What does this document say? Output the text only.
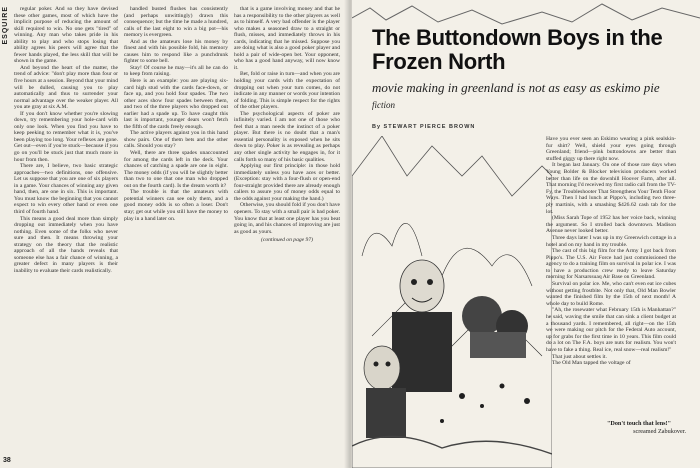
ESQUIRE
38

regular poker. And so they have devised these other games, most of which have the implicit purpose of reducing the amount of skill required to win. No one gets "tired" of winning. Any man who takes pride in his ability to play and who stops losing that ability agrees his peers will agree that the fewer hands played, the less skill that will be shown in the game.

And beyond the heart of the matter, the trend of advice: "don't play more than four or five hours at a session. Beyond that your mind will be dulled, causing you to play automatically and thus to surrender your normal advantage over the weaker player. All you ate gray at six A.M.

If you don't know whether you're slowing down, try remembering your hole-card with only one look. When you find you have to keep peeking to remember what it is, you've been playing too long. Your reflexes are gone. Get out—even if you're stuck—because if you go on you'll be stuck just that much more in hour from then.

There are, I believe, two basic strategic approaches—two definitions, one offensive. Let us suppose that you are one of six players in a game. Your chances of winning any given hand, then, are one in six. This is important. You must know the beginning that you cannot expect to win every other hand or even one third of fourth hand.

This means a good deal more than simply dropping out immediately when you have nothing. Even some of the folks who never sure and then. It means throwing your strategy on the theory that the realistic approach of all the hands reveals that someone else has a fair chance of winning, a greater defect in many players is their inability to evaluate their cards realistically.

handled busted flushes has consistently (and perhaps unwittingly) drawn this consequence; but the time he made a hundred, calls of the last eight to win a big pot—his memory is evergreen.

And as the amateurs lose his money by finest and with his possible fold, his memory causes him to respond like a punchdrunk fighter to some bell.

Stay! Of course he may—it's all he can do to keep from raising.

Here is an example: you are playing six-card high stud with the cards face-down, or face up, and you hold four spades. The two other aces show four spades between them, and two of the three players who dropped out earlier had a spade up. To have caught this last is important, younger dears won't fetch the fifth of the cards freely enough.

The active players against you in this hand show pairs. One of them bets and the other calls. Should you stay?

Well, there are three spades unaccounted for among the cards left in the deck. Your chances of catching a spade are one in eight. The money odds (if you will be slightly better than two to one that one man who dropped out on the fourth card). Is the dream worth it?

The trouble is that the amateurs with potential winners can see only them, and a good money odds is so often a loser. Don't stay; get out while you still have the money to play in a hand later on.

that is a game involving money and that he has a responsibility to the other players as well as to himself. A very bad offender is the player who makes a seasoned draw to a straight or flush, misses, and immediately throws in his cards, indicating that he missed. Suppose you are doing what is also a good poker player and hold a pair of wide-open bet. Your opponent, who has a good hand anyway, will now know it.

Bet, fold or raise in turn—and when you are holding your cards with the expectation of dropping out when your turn comes, do not indicate in any manner or words your intention of folding. This is simple respect for the rights of the other players.

The psychological aspects of poker are infinitely varied. I am not one of those who feel that a man needs the instinct of a poker player. But there is no doubt that a man's essential personality is exposed when he sits down to play. Poker is as revealing as perhaps any other single activity he engages in, for it calls forth so many of his basic qualities.

Applying our first principle: in those hold immediately unless you have aces or better. (Exception: stay with a four-flush or open-end four-straight provided there are already enough callers to assure you of money odds equal to the odds against your making the hand.)

Otherwise, you should fold if you don't have openers. To stay with a small pair is bad poker. You know that at least one player has you beat going in, and his chances of improving are just as good as yours.

(continued on page 97)
The Buttondown Boys in the Frozen North
movie making in greenland is not as easy as eskimo pie
fiction
By STEWART PIERCE BROWN

Have you ever seen an Eskimo wearing a pink sealskin-fur shirt? Well, shield your eyes going through Greenland; friend—pink buttondowns are better than stuffed giggy up there right now.

It began last January. On one of those rare days when Young Bolder & Blocker television producers worked better than life on the downhill Hoover Farm, after all. That morning I'd received my first radio call from the TV-Fy, the Troubleshooter That Strengthens Your Tenth Floor Ways. Then I had lunch at Pippo's, including two three-ply martinis, with a smashing $426.62 cash tab for the lot.

(Miss Sarah Tope of 1952 has her voice back, winning the argument. So I strolled back downtown. Madison Avenue never looked better.

Three days later I was up in my Greenwich cottage in a hotel and on my hand in my trouble.

The cast of this big film for the Army I got back from Pippo's. The U.S. Air Force had just commissioned the agency to do a training film on survival in polar ice. I was to have a production crew ready to leave Saturday morning for Narsarssuaq Air Base on Greenland.

Survival on polar ice. Me, who can't even eat ice cubes without getting frostbite. Not only that, Old Man Bowler wanted the finished film by the 15th of next month! A whole day to build Rome.

"Ah, the rosewater what February 15th is Manhattan?" he said, waving the smile that can sink a client budget at a thousand yards. I remembered, all right—on the 15th we were making our pitch for the Federal Auto account, up for grabs for the first time in 10 years. This film could do a lot on The F.A. boys are nuts for realism. You won't have to fake a thing. Real ice, real snow—real realism!"

That just about settles it.

The Old Man tapped the voltage of

"Don't touch that lens!"
screamed Zabukover.
